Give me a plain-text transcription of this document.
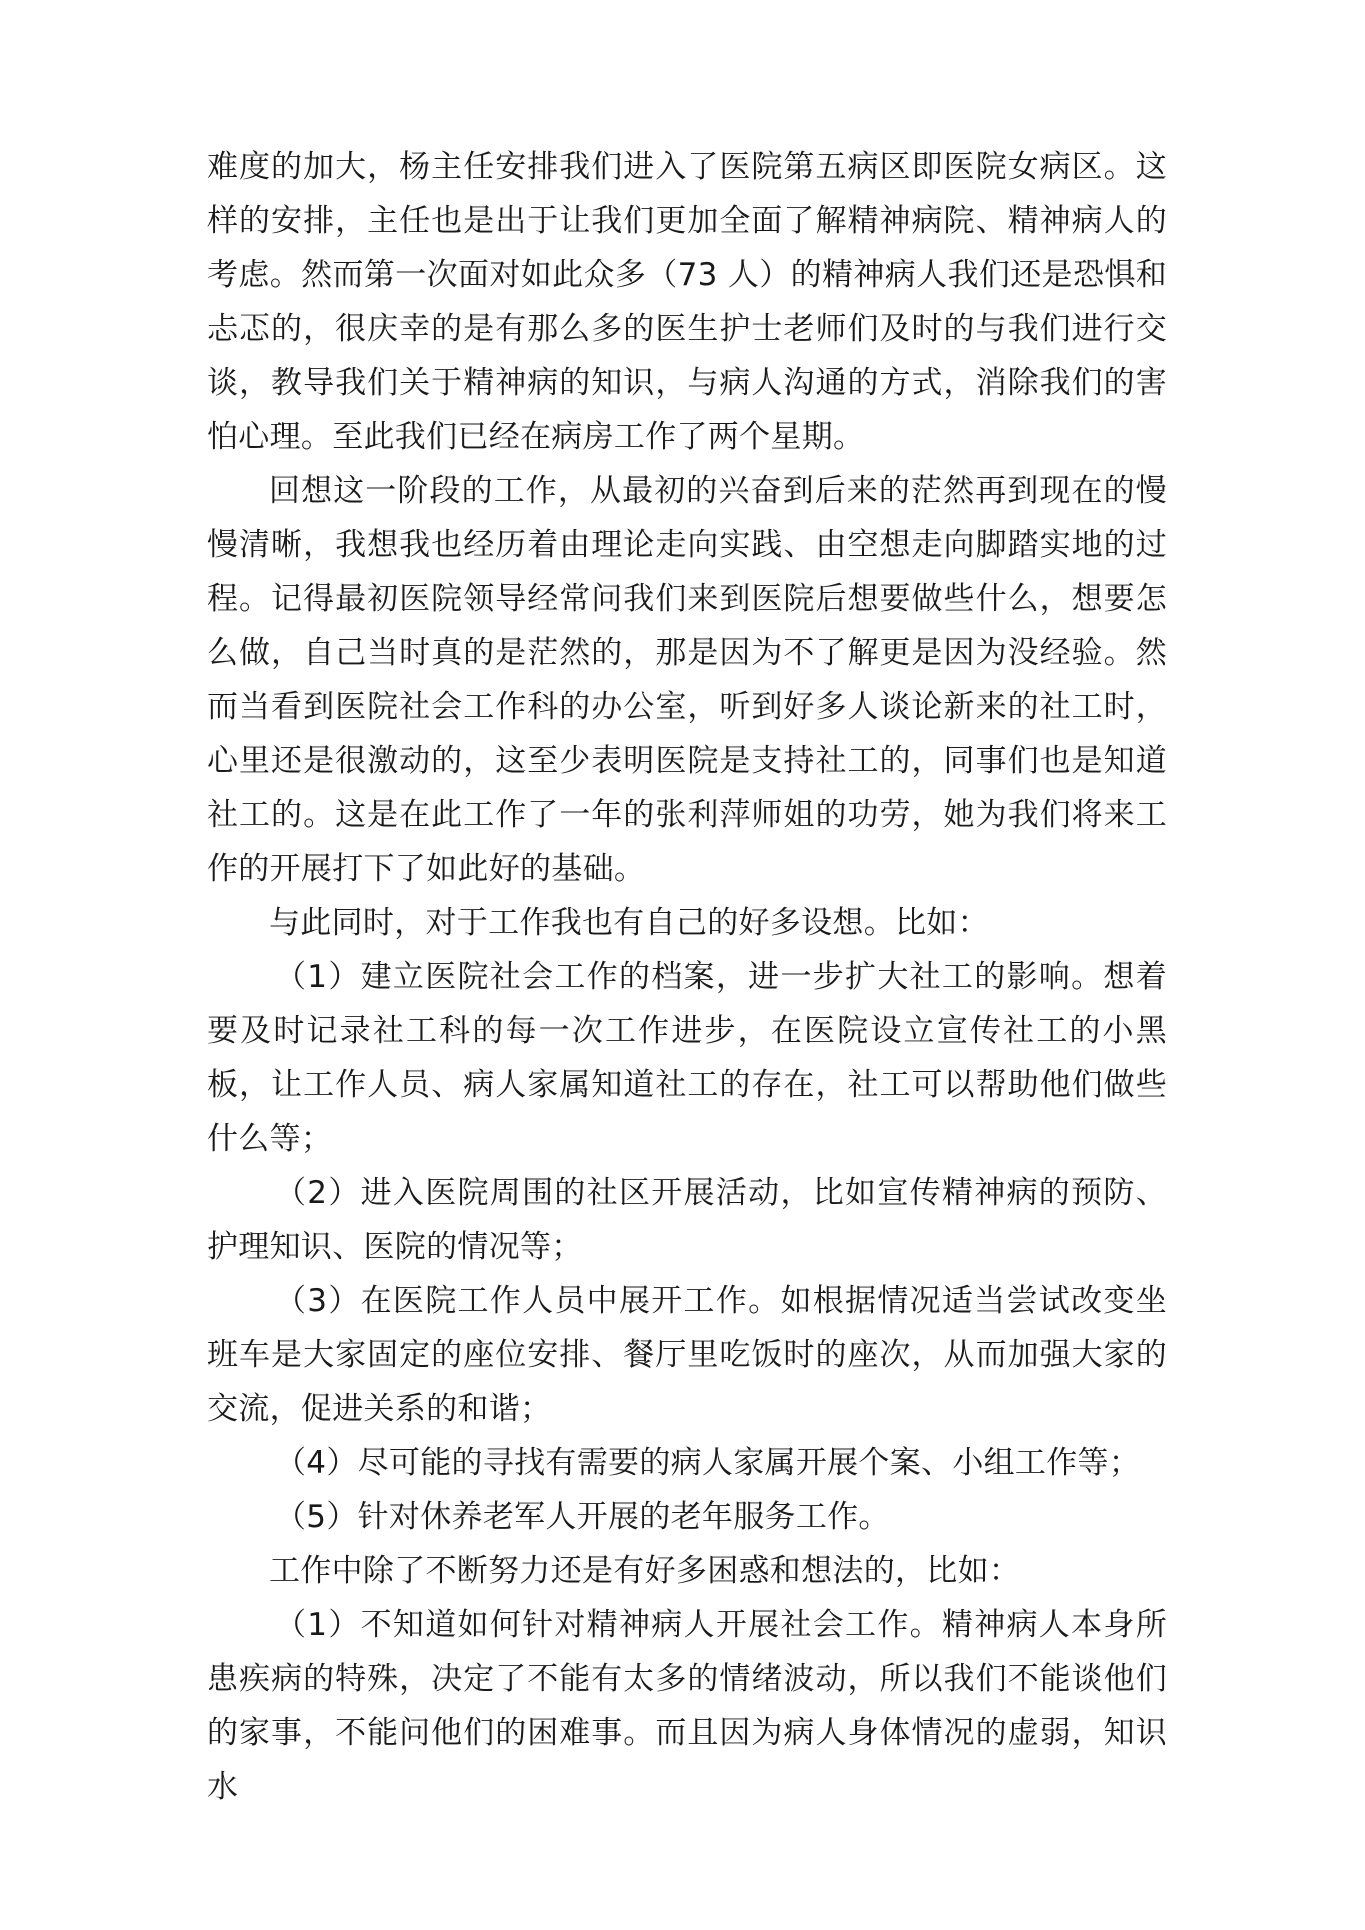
难度的加大，杨主任安排我们进入了医院第五病区即医院女病区。这样的安排，主任也是出于让我们更加全面了解精神病院、精神病人的考虑。然而第一次面对如此众多（73 人）的精神病人我们还是恐惧和忐忑的，很庆幸的是有那么多的医生护士老师们及时的与我们进行交谈，教导我们关于精神病的知识，与病人沟通的方式，消除我们的害怕心理。至此我们已经在病房工作了两个星期。

回想这一阶段的工作，从最初的兴奋到后来的茫然再到现在的慢慢清晰，我想我也经历着由理论走向实践、由空想走向脚踏实地的过程。记得最初医院领导经常问我们来到医院后想要做些什么，想要怎么做，自己当时真的是茫然的，那是因为不了解更是因为没经验。然而当看到医院社会工作科的办公室，听到好多人谈论新来的社工时，心里还是很激动的，这至少表明医院是支持社工的，同事们也是知道社工的。这是在此工作了一年的张利萍师姐的功劳，她为我们将来工作的开展打下了如此好的基础。

与此同时，对于工作我也有自己的好多设想。比如：

（1）建立医院社会工作的档案，进一步扩大社工的影响。想着要及时记录社工科的每一次工作进步，在医院设立宣传社工的小黑板，让工作人员、病人家属知道社工的存在，社工可以帮助他们做些什么等；

（2）进入医院周围的社区开展活动，比如宣传精神病的预防、护理知识、医院的情况等；

（3）在医院工作人员中展开工作。如根据情况适当尝试改变坐班车是大家固定的座位安排、餐厅里吃饭时的座次，从而加强大家的交流，促进关系的和谐；

（4）尽可能的寻找有需要的病人家属开展个案、小组工作等；

（5）针对休养老军人开展的老年服务工作。

工作中除了不断努力还是有好多困惑和想法的，比如：

（1）不知道如何针对精神病人开展社会工作。精神病人本身所患疾病的特殊，决定了不能有太多的情绪波动，所以我们不能谈他们的家事，不能问他们的困难事。而且因为病人身体情况的虚弱，知识水
